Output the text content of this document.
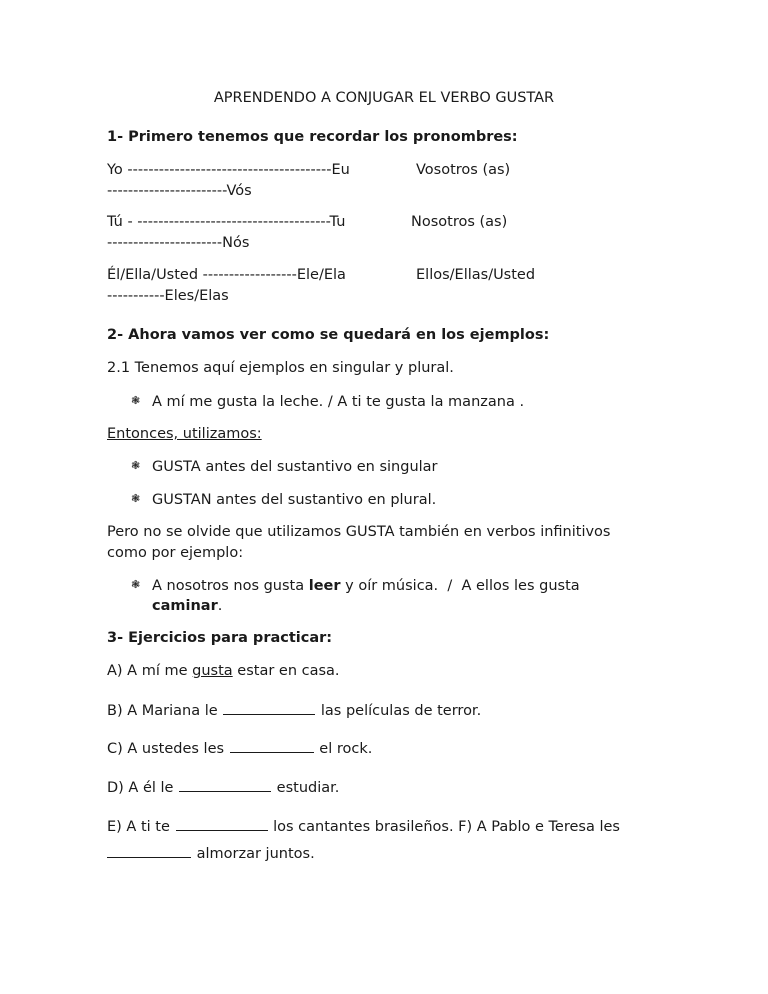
APRENDENDO A CONJUGAR EL VERBO GUSTAR

1- Primero tenemos que recordar los pronombres:

Yo ---------------------------------------Eu	Vosotros (as)

-----------------------Vós

Tú - -------------------------------------Tu	Nosotros (as)

----------------------Nós

Él/Ella/Usted ------------------Ele/Ela	Ellos/Ellas/Usted

-----------Eles/Elas

2- Ahora vamos ver como se quedará en los ejemplos:

2.1 Tenemos aquí ejemplos en singular y plural.

❃ A mí me gusta la leche. / A ti te gusta la manzana .

Entonces, utilizamos:

❃ GUSTA antes del sustantivo en singular

❃ GUSTAN antes del sustantivo en plural.

Pero no se olvide que utilizamos GUSTA también en verbos infinitivos

como por ejemplo:

❃ A nosotros nos gusta leer y oír música.  /  A ellos les gusta

caminar.

3- Ejercicios para practicar:

A) A mí me gusta estar en casa.

B) A Mariana le	las películas de terror.

C) A ustedes les	el rock.

D) A él le	estudiar.

E) A ti te	los cantantes brasileños. F) A Pablo e Teresa les

almorzar juntos.
